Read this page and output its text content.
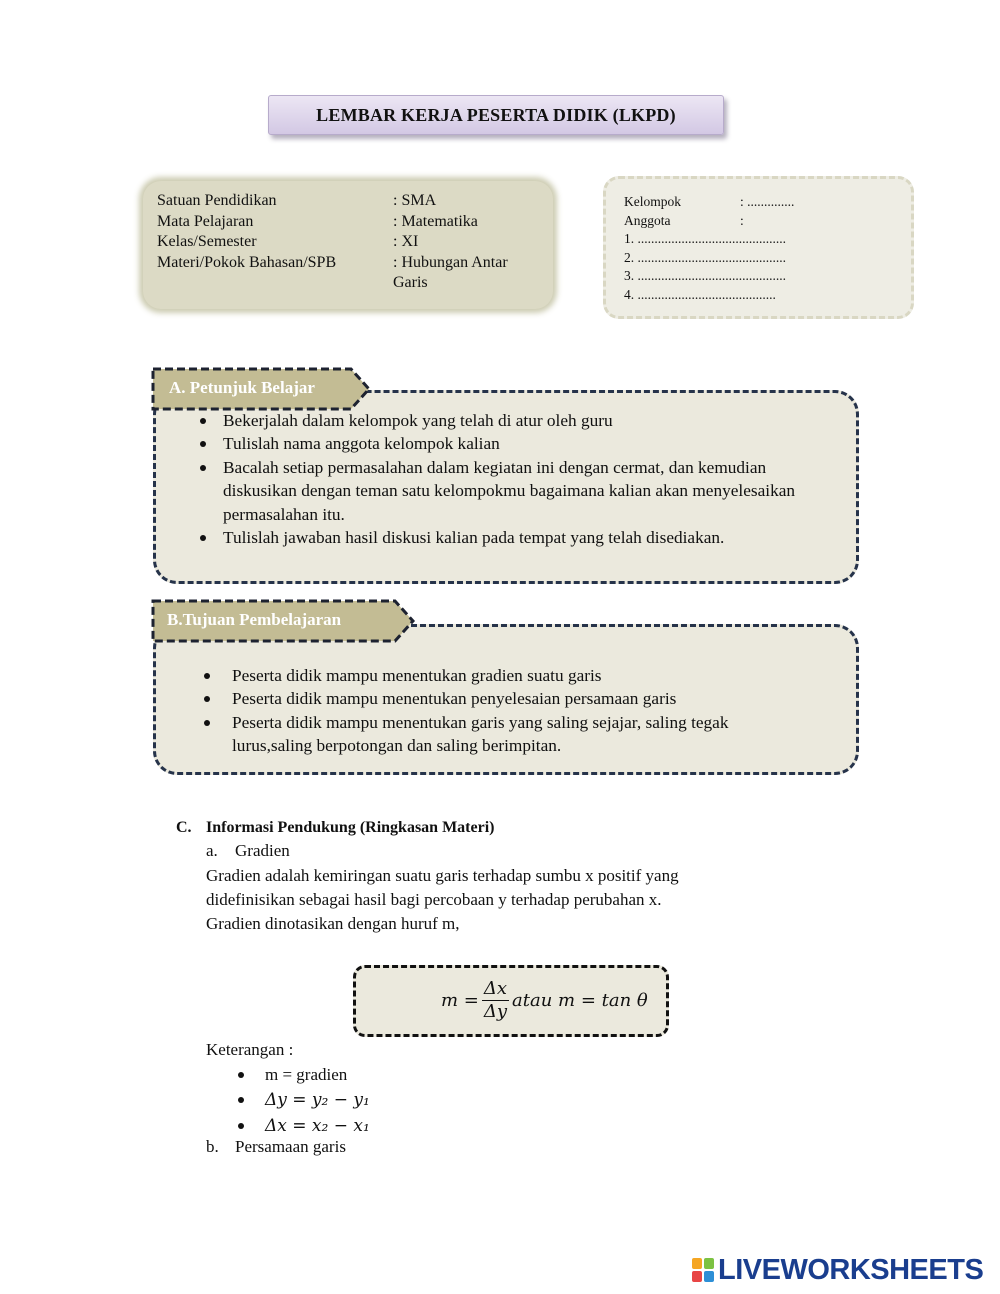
LEMBAR KERJA PESERTA DIDIK (LKPD)
Satuan Pendidikan	: SMA
Mata Pelajaran	: Matematika
Kelas/Semester	: XI
Materi/Pokok Bahasan/SPB	: Hubungan Antar Garis
Kelompok	: ..............
Anggota	:
1. ............................................
2. ............................................
3. ............................................
4. .........................................
A. Petunjuk Belajar
Bekerjalah dalam kelompok yang telah di atur oleh guru
Tulislah nama anggota kelompok kalian
Bacalah setiap permasalahan dalam kegiatan ini dengan cermat, dan kemudian diskusikan dengan teman satu kelompokmu bagaimana kalian akan menyelesaikan permasalahan itu.
Tulislah jawaban hasil diskusi kalian pada tempat yang telah disediakan.
B.Tujuan Pembelajaran
Peserta didik mampu menentukan gradien suatu garis
Peserta didik mampu menentukan penyelesaian persamaan garis
Peserta didik mampu menentukan garis yang saling sejajar, saling tegak lurus,saling berpotongan dan saling berimpitan.
C. Informasi Pendukung (Ringkasan Materi)
a. Gradien
Gradien adalah kemiringan suatu garis terhadap sumbu x positif yang
didefinisikan sebagai hasil bagi percobaan y terhadap perubahan x.
Gradien dinotasikan dengan huruf m,
$m = \frac{\Delta x}{\Delta y}$ atau m = tan θ
Keterangan :
m = gradien
Δy = y₂ − y₁
Δx = x₂ − x₁
b. Persamaan garis
LIVEWORKSHEETS
